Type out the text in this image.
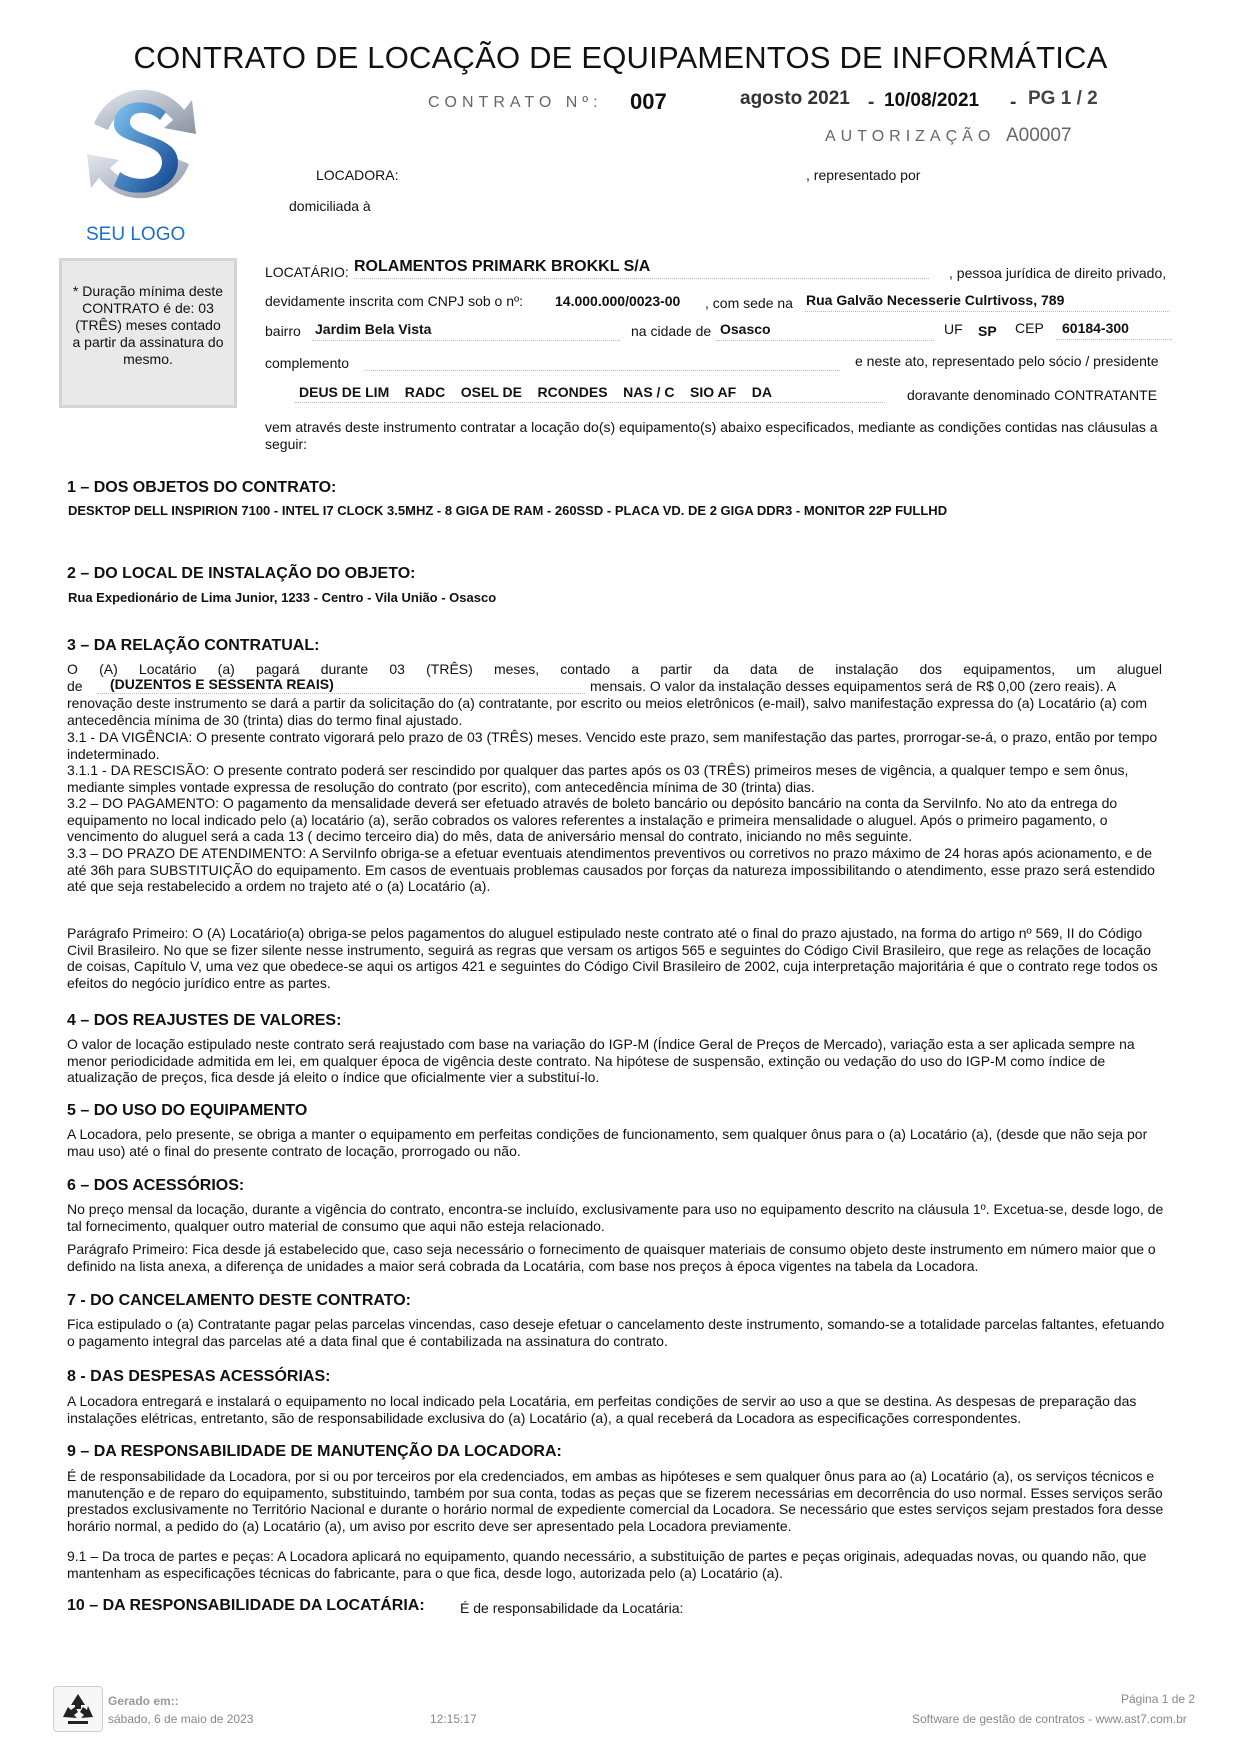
CONTRATO DE LOCAÇÃO DE EQUIPAMENTOS DE INFORMÁTICA
SEU LOGO
CONTRATO Nº: 007	agosto 2021 - 10/08/2021 - PG 1 / 2
AUTORIZAÇÃO A00007
LOCADORA:	, representado por
domiciliada à
* Duração mínima deste CONTRATO é de: 03 (TRÊS) meses contado a partir da assinatura do mesmo.
LOCATÁRIO: ROLAMENTOS PRIMARK BROKKL S/A	, pessoa jurídica de direito privado,
devidamente inscrita com CNPJ sob o nº: 14.000.000/0023-00 , com sede na Rua Galvão Necesserie Culrtivoss, 789
bairro Jardim Bela Vista	na cidade de Osasco	UF SP CEP 60184-300
complemento	e neste ato, representado pelo sócio / presidente
DEUS DE LIM    RADC    OSEL DE    RCONDES    NAS / C    SIO AF    DA	doravante denominado CONTRATANTE
vem através deste instrumento contratar a locação do(s) equipamento(s) abaixo especificados, mediante as condições contidas nas cláusulas a seguir:
1 – DOS OBJETOS DO CONTRATO:
DESKTOP DELL INSPIRION 7100 - INTEL I7 CLOCK 3.5MHZ - 8 GIGA DE RAM - 260SSD - PLACA VD. DE 2 GIGA DDR3 - MONITOR 22P FULLHD
2 – DO LOCAL DE INSTALAÇÃO DO OBJETO:
Rua Expedionário de Lima Junior, 1233 - Centro - Vila União - Osasco
3 – DA RELAÇÃO CONTRATUAL:
O (A) Locatário (a) pagará durante 03 (TRÊS) meses, contado a partir da data de instalação dos equipamentos, um aluguel
de (DUZENTOS E SESSENTA REAIS)	mensais. O valor da instalação desses equipamentos será de R$ 0,00 (zero reais). A
renovação deste instrumento se dará a partir da solicitação do (a) contratante, por escrito ou meios eletrônicos (e-mail), salvo manifestação expressa do (a) Locatário (a) com antecedência mínima de 30 (trinta) dias do termo final ajustado.
3.1 - DA VIGÊNCIA: O presente contrato vigorará pelo prazo de 03 (TRÊS) meses. Vencido este prazo, sem manifestação das partes, prorrogar-se-á, o prazo, então por tempo indeterminado.
3.1.1 - DA RESCISÃO: O presente contrato poderá ser rescindido por qualquer das partes após os 03 (TRÊS) primeiros meses de vigência, a qualquer tempo e sem ônus, mediante simples vontade expressa de resolução do contrato (por escrito), com antecedência mínima de 30 (trinta) dias.
3.2 – DO PAGAMENTO: O pagamento da mensalidade deverá ser efetuado através de boleto bancário ou depósito bancário na conta da ServiInfo. No ato da entrega do equipamento no local indicado pelo (a) locatário (a), serão cobrados os valores referentes a instalação e primeira mensalidade o aluguel. Após o primeiro pagamento, o vencimento do aluguel será a cada 13 ( decimo terceiro dia) do mês, data de aniversário mensal do contrato, iniciando no mês seguinte.
3.3 – DO PRAZO DE ATENDIMENTO: A ServiInfo obriga-se a efetuar eventuais atendimentos preventivos ou corretivos no prazo máximo de 24 horas após acionamento, e de até 36h para SUBSTITUIÇÃO do equipamento. Em casos de eventuais problemas causados por forças da natureza impossibilitando o atendimento, esse prazo será estendido até que seja restabelecido a ordem no trajeto até o (a) Locatário (a).
Parágrafo Primeiro: O (A) Locatário(a) obriga-se pelos pagamentos do aluguel estipulado neste contrato até o final do prazo ajustado, na forma do artigo nº 569, II do Código Civil Brasileiro. No que se fizer silente nesse instrumento, seguirá as regras que versam os artigos 565 e seguintes do Código Civil Brasileiro, que rege as relações de locação de coisas, Capítulo V, uma vez que obedece-se aqui os artigos 421 e seguintes do Código Civil Brasileiro de 2002, cuja interpretação majoritária é que o contrato rege todos os efeitos do negócio jurídico entre as partes.
4 – DOS REAJUSTES DE VALORES:
O valor de locação estipulado neste contrato será reajustado com base na variação do IGP-M (Índice Geral de Preços de Mercado), variação esta a ser aplicada sempre na menor periodicidade admitida em lei, em qualquer época de vigência deste contrato. Na hipótese de suspensão, extinção ou vedação do uso do IGP-M como índice de atualização de preços, fica desde já eleito o índice que oficialmente vier a substituí-lo.
5 – DO USO DO EQUIPAMENTO
A Locadora, pelo presente, se obriga a manter o equipamento em perfeitas condições de funcionamento, sem qualquer ônus para o (a) Locatário (a), (desde que não seja por mau uso) até o final do presente contrato de locação, prorrogado ou não.
6 – DOS ACESSÓRIOS:
No preço mensal da locação, durante a vigência do contrato, encontra-se incluído, exclusivamente para uso no equipamento descrito na cláusula 1º. Excetua-se, desde logo, de tal fornecimento, qualquer outro material de consumo que aqui não esteja relacionado.
Parágrafo Primeiro: Fica desde já estabelecido que, caso seja necessário o fornecimento de quaisquer materiais de consumo objeto deste instrumento em número maior que o definido na lista anexa, a diferença de unidades a maior será cobrada da Locatária, com base nos preços à época vigentes na tabela da Locadora.
7 - DO CANCELAMENTO DESTE CONTRATO:
Fica estipulado o (a) Contratante pagar pelas parcelas vincendas, caso deseje efetuar o cancelamento deste instrumento, somando-se a totalidade parcelas faltantes, efetuando o pagamento integral das parcelas até a data final que é contabilizada na assinatura do contrato.
8 - DAS DESPESAS ACESSÓRIAS:
A Locadora entregará e instalará o equipamento no local indicado pela Locatária, em perfeitas condições de servir ao uso a que se destina. As despesas de preparação das instalações elétricas, entretanto, são de responsabilidade exclusiva do (a) Locatário (a), a qual receberá da Locadora as especificações correspondentes.
9 – DA RESPONSABILIDADE DE MANUTENÇÃO DA LOCADORA:
É de responsabilidade da Locadora, por si ou por terceiros por ela credenciados, em ambas as hipóteses e sem qualquer ônus para ao (a) Locatário (a), os serviços técnicos e manutenção e de reparo do equipamento, substituindo, também por sua conta, todas as peças que se fizerem necessárias em decorrência do uso normal. Esses serviços serão prestados exclusivamente no Território Nacional e durante o horário normal de expediente comercial da Locadora. Se necessário que estes serviços sejam prestados fora desse horário normal, a pedido do (a) Locatário (a), um aviso por escrito deve ser apresentado pela Locadora previamente.
9.1 – Da troca de partes e peças: A Locadora aplicará no equipamento, quando necessário, a substituição de partes e peças originais, adequadas novas, ou quando não, que mantenham as especificações técnicas do fabricante, para o que fica, desde logo, autorizada pelo (a) Locatário (a).
10 – DA RESPONSABILIDADE DA LOCATÁRIA:	É de responsabilidade da Locatária:
Gerado em::
sábado, 6 de maio de 2023	12:15:17
Página 1 de 2
Software de gestão de contratos - www.ast7.com.br
